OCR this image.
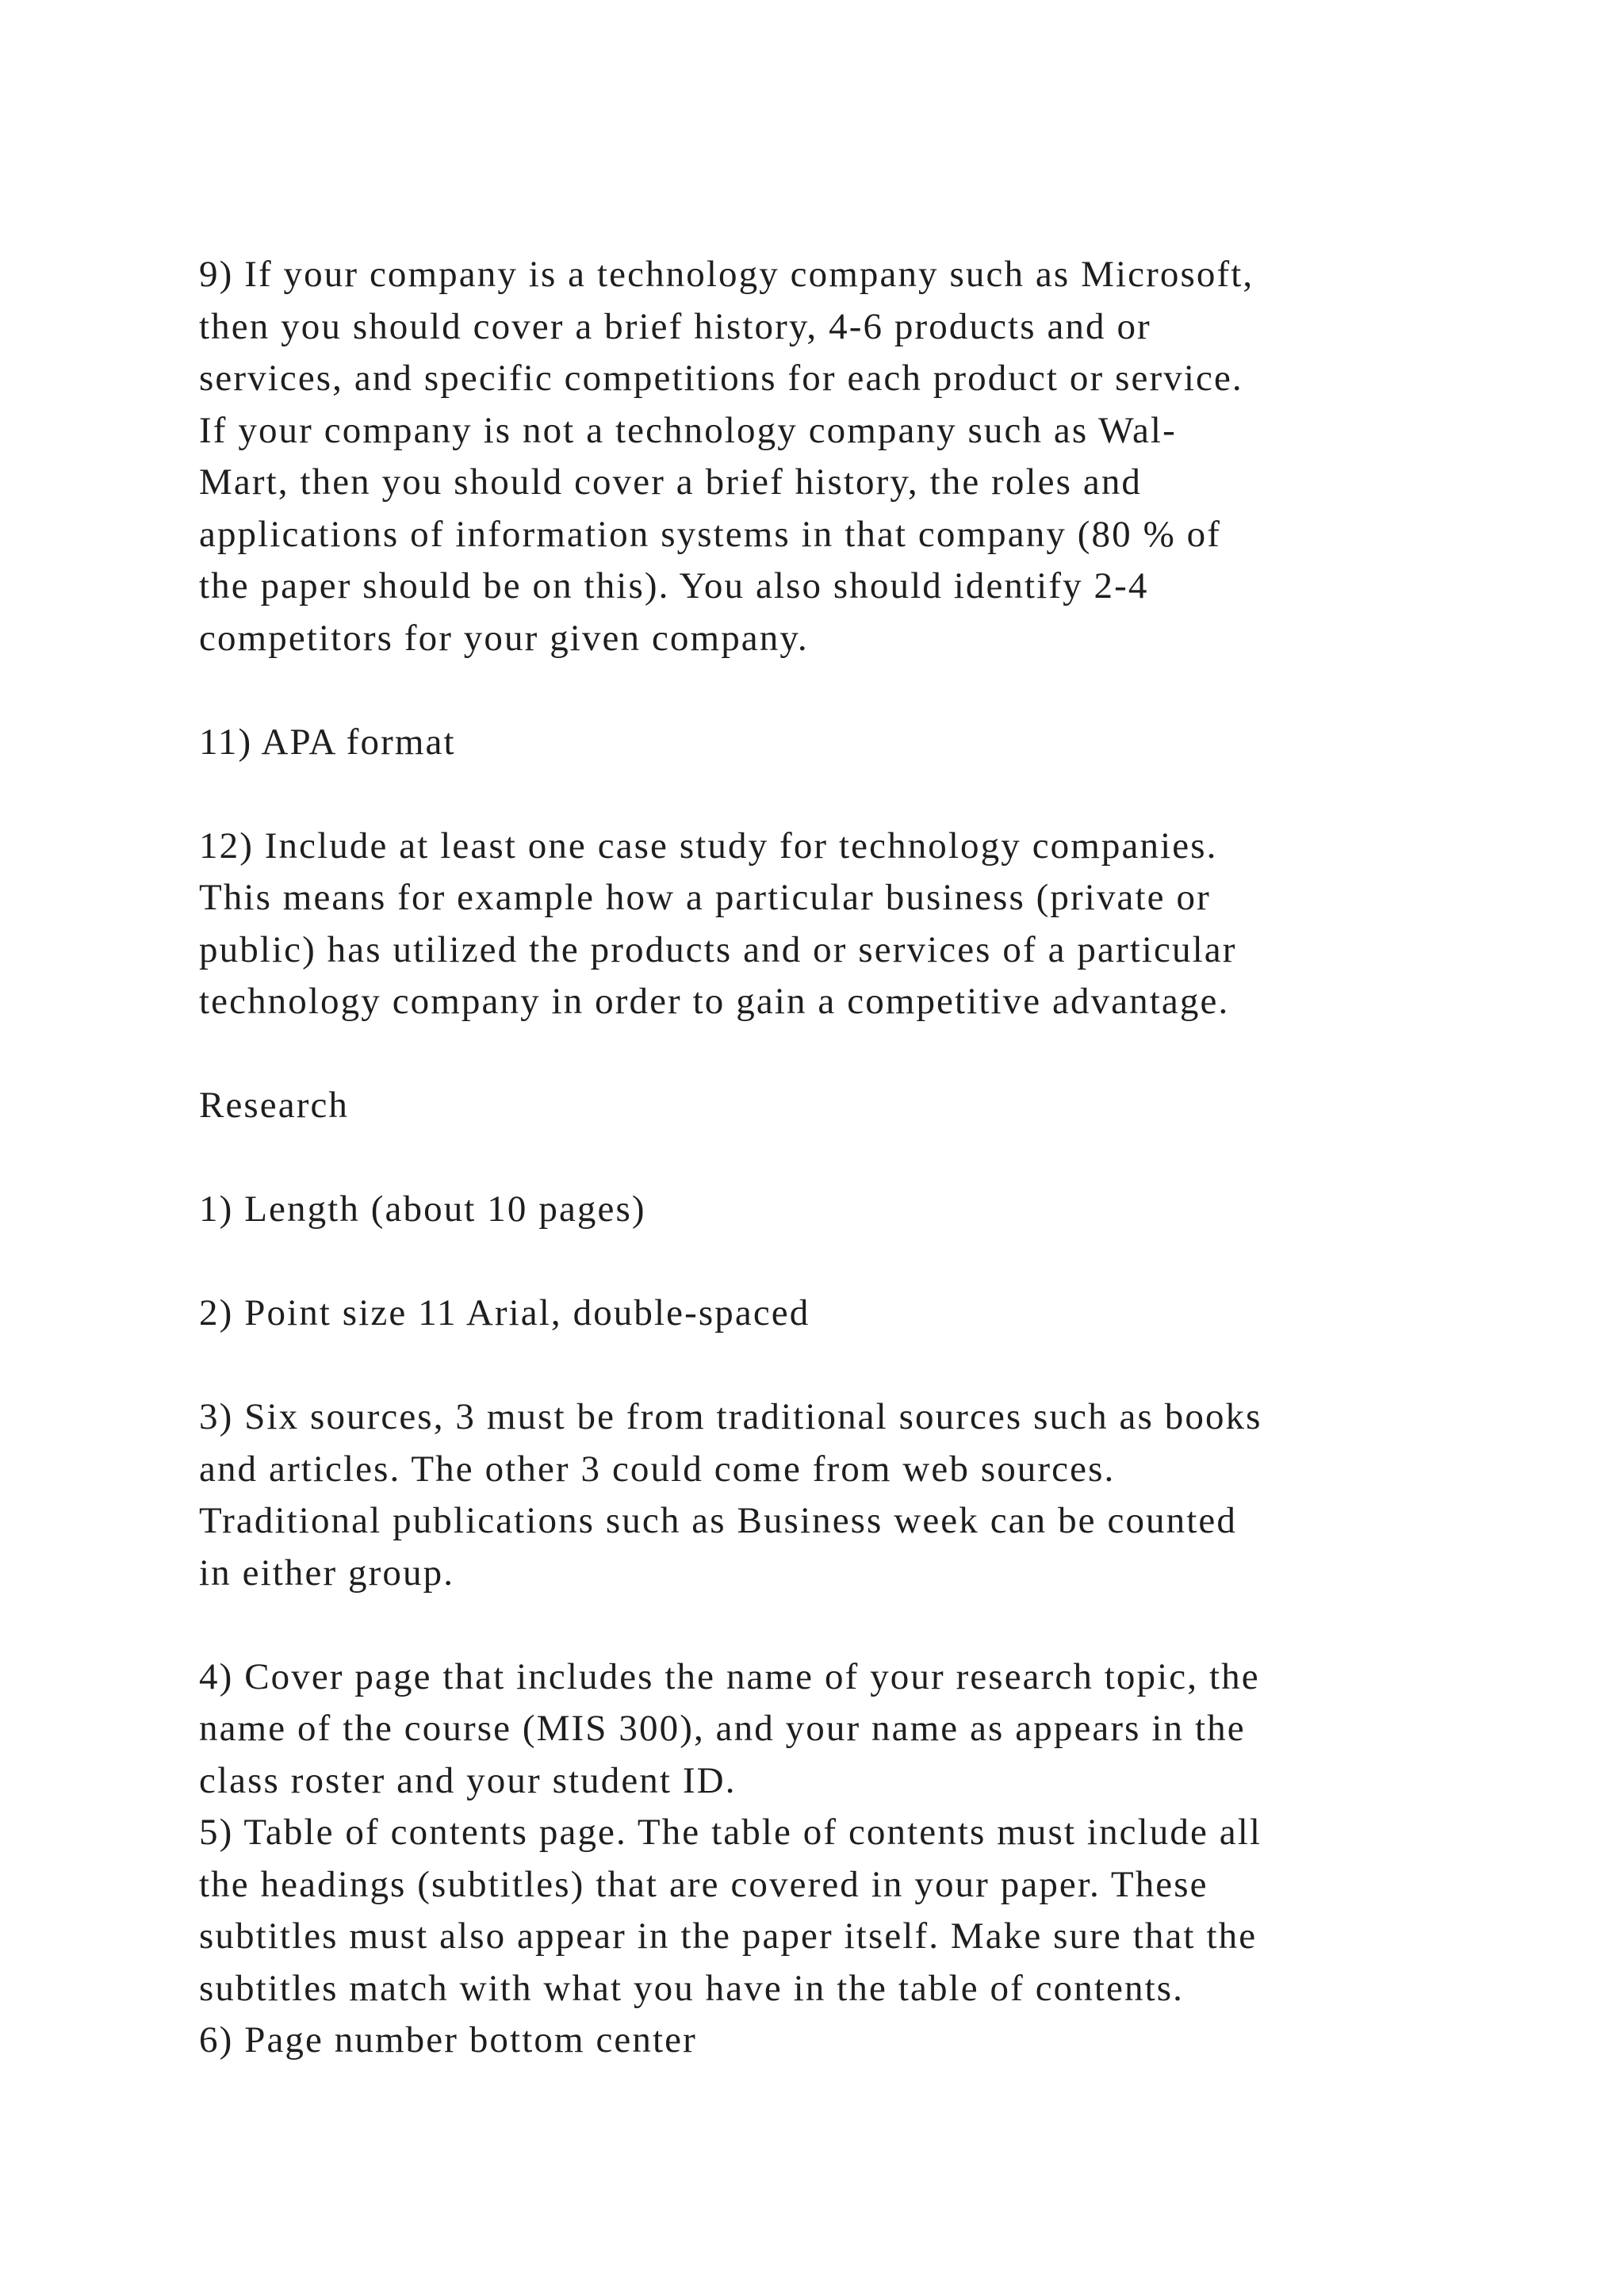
9) If your company is a technology company such as Microsoft,
then you should cover a brief history, 4-6 products and or
services, and specific competitions for each product or service.
If your company is not a technology company such as Wal-
Mart, then you should cover a brief history, the roles and
applications of information systems in that company (80 % of
the paper should be on this). You also should identify 2-4
competitors for your given company.
11) APA format
12) Include at least one case study for technology companies.
This means for example how a particular business (private or
public) has utilized the products and or services of a particular
technology company in order to gain a competitive advantage.
Research
1) Length (about 10 pages)
2) Point size 11 Arial, double-spaced
3) Six sources, 3 must be from traditional sources such as books
and articles. The other 3 could come from web sources.
Traditional publications such as Business week can be counted
in either group.
4) Cover page that includes the name of your research topic, the
name of the course (MIS 300), and your name as appears in the
class roster and your student ID.
5) Table of contents page. The table of contents must include all
the headings (subtitles) that are covered in your paper. These
subtitles must also appear in the paper itself. Make sure that the
subtitles match with what you have in the table of contents.
6) Page number bottom center
